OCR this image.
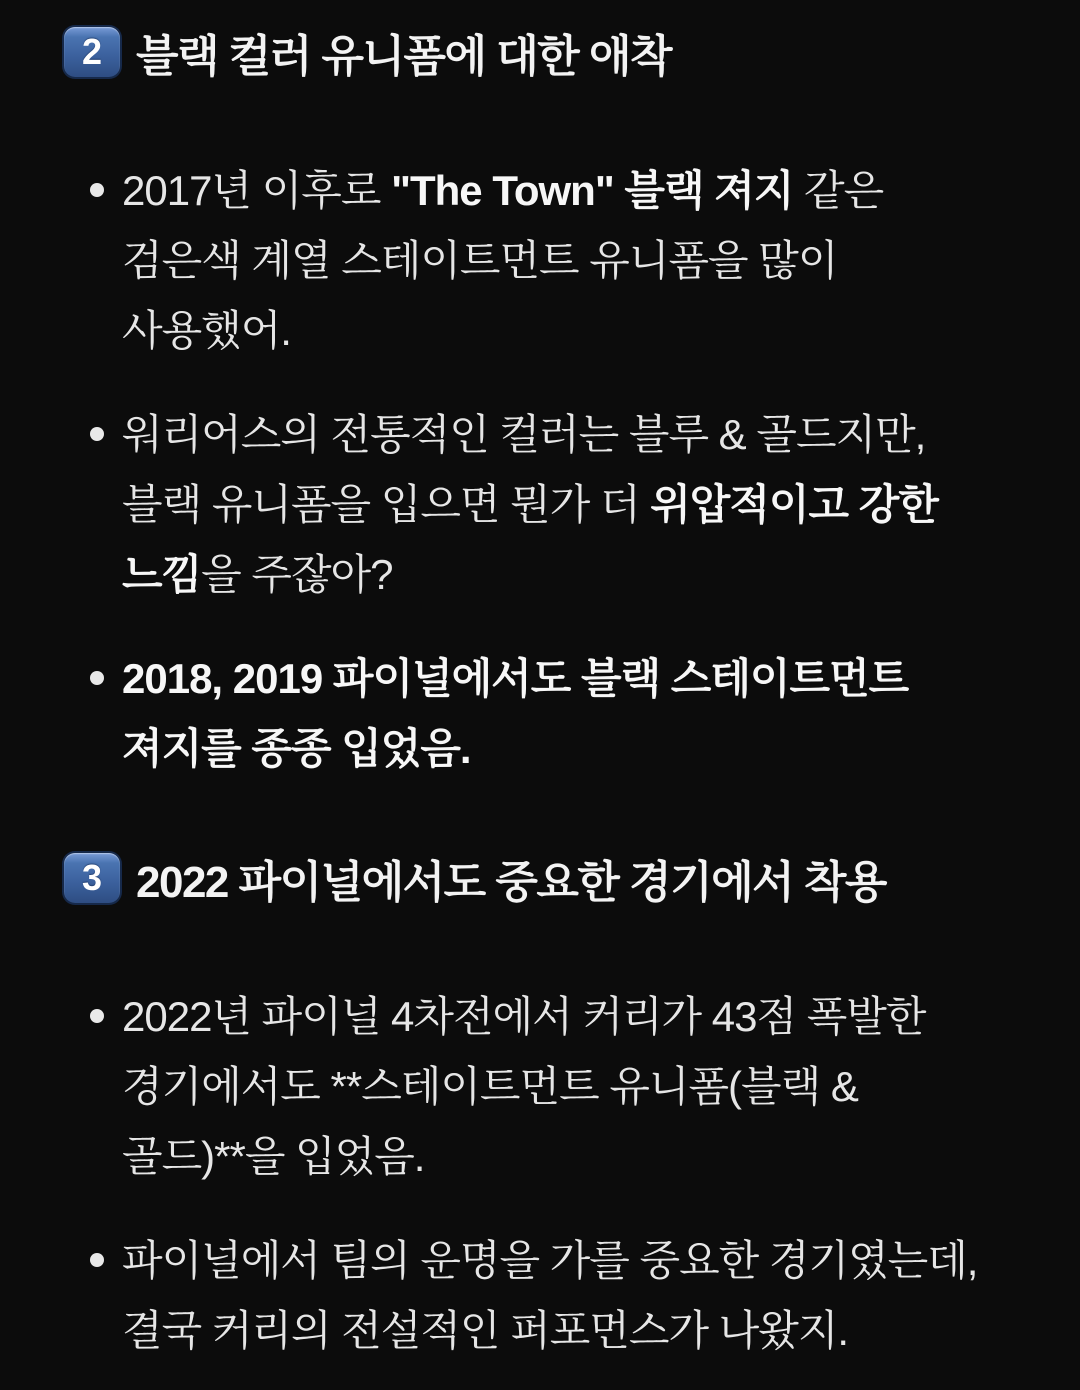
2 블랙 컬러 유니폼에 대한 애착
2017년 이후로 "The Town" 블랙 져지 같은
검은색 계열 스테이트먼트 유니폼을 많이
사용했어.
워리어스의 전통적인 컬러는 블루 & 골드지만,
블랙 유니폼을 입으면 뭔가 더 위압적이고 강한
느낌을 주잖아?
2018, 2019 파이널에서도 블랙 스테이트먼트
져지를 종종 입었음.
3 2022 파이널에서도 중요한 경기에서 착용
2022년 파이널 4차전에서 커리가 43점 폭발한
경기에서도 **스테이트먼트 유니폼(블랙 &
골드)**을 입었음.
파이널에서 팀의 운명을 가를 중요한 경기였는데,
결국 커리의 전설적인 퍼포먼스가 나왔지.
